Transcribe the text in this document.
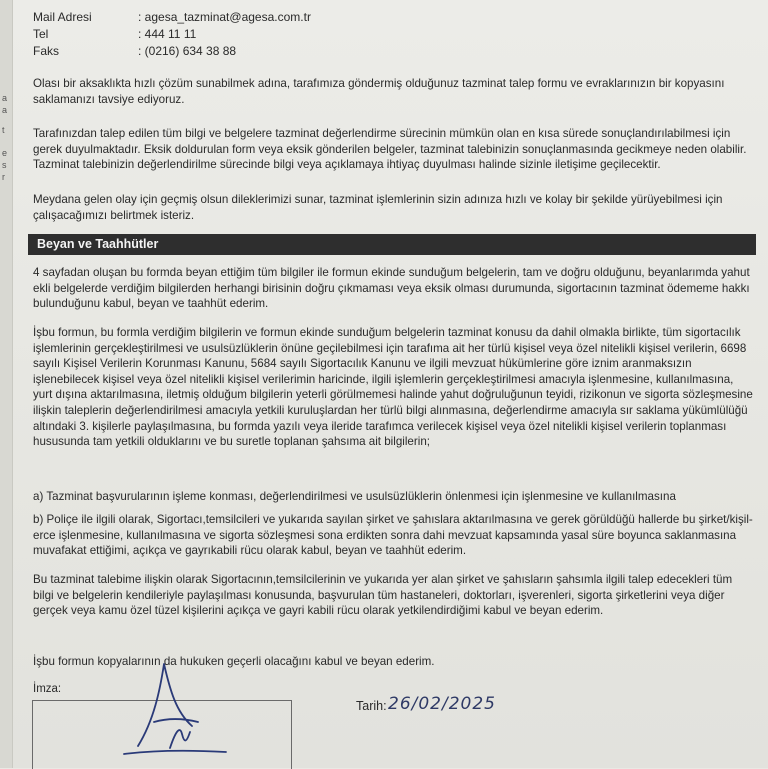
a
a
t
e
s
r
Mail Adresi	: agesa_tazminat@agesa.com.tr
Tel	: 444 11 11
Faks	: (0216) 634 38 88

Olası bir aksaklıkta hızlı çözüm sunabilmek adına, tarafımıza göndermiş olduğunuz tazminat talep formu ve evraklarınızın bir kopyasını saklamanızı tavsiye ediyoruz.

Tarafınızdan talep edilen tüm bilgi ve belgelere tazminat değerlendirme sürecinin mümkün olan en kısa sürede sonuçlandırılabilmesi için gerek duyulmaktadır. Eksik doldurulan form veya eksik gönderilen belgeler, tazminat talebinizin sonuçlanmasında gecikmeye neden olabilir. Tazminat talebinizin değerlendirilme sürecinde bilgi veya açıklamaya ihtiyaç duyulması halinde sizinle iletişime geçilecektir.

Meydana gelen olay için geçmiş olsun dileklerimizi sunar, tazminat işlemlerinin sizin adınıza hızlı ve kolay bir şekilde yürüyebilmesi için çalışacağımızı belirtmek isteriz.

Beyan ve Taahhütler

4 sayfadan oluşan bu formda beyan ettiğim tüm bilgiler ile formun ekinde sunduğum belgelerin, tam ve doğru olduğunu, beyanlarımda yahut ekli belgelerde verdiğim bilgilerden herhangi birisinin doğru çıkmaması veya eksik olması durumunda, sigortacının tazminat ödememe hakkı bulunduğunu kabul, beyan ve taahhüt ederim.

İşbu formun, bu formla verdiğim bilgilerin ve formun ekinde sunduğum belgelerin tazminat konusu da dahil olmakla birlikte, tüm sigortacılık işlemlerinin gerçekleştirilmesi ve usulsüzlüklerin önüne geçilebilmesi için tarafıma ait her türlü kişisel veya özel nitelikli kişisel verilerin, 6698 sayılı Kişisel Verilerin Korunması Kanunu, 5684 sayılı Sigortacılık Kanunu ve ilgili mevzuat hükümlerine göre iznim aranmaksızın işlenebilecek kişisel veya özel nitelikli kişisel verilerimin haricinde, ilgili işlemlerin gerçekleştirilmesi amacıyla işlenmesine, kullanılmasına, yurt dışına aktarılmasına, iletmiş olduğum bilgilerin yeterli görülmemesi halinde yahut doğruluğunun teyidi, rizikonun ve sigorta sözleşmesine ilişkin taleplerin değerlendirilmesi amacıyla yetkili kuruluşlardan her türlü bilgi alınmasına, değerlendirme amacıyla sır saklama yükümlülüğü altındaki 3. kişilerle paylaşılmasına, bu formda yazılı veya ileride tarafımca verilecek kişisel veya özel nitelikli kişisel verilerin toplanması hususunda tam yetkili olduklarını ve bu suretle toplanan şahsıma ait bilgilerin;

a) Tazminat başvurularının işleme konması, değerlendirilmesi ve usulsüzlüklerin önlenmesi için işlenmesine ve kullanılmasına

b) Poliçe ile ilgili olarak, Sigortacı,temsilcileri ve yukarıda sayılan şirket ve şahıslara aktarılmasına ve gerek görüldüğü hallerde bu şirket/kişil- erce işlenmesine, kullanılmasına ve sigorta sözleşmesi sona erdikten sonra dahi mevzuat kapsamında yasal süre boyunca saklanmasına muvafakat ettiğimi, açıkça ve gayrıkabili rücu olarak kabul, beyan ve taahhüt ederim.

Bu tazminat talebime ilişkin olarak Sigortacının,temsilcilerinin ve yukarıda yer alan şirket ve şahısların şahsımla ilgili talep edecekleri tüm bilgi ve belgelerin kendileriyle paylaşılması konusunda, başvurulan tüm hastaneleri, doktorları, işverenleri, sigorta şirketlerini veya diğer gerçek veya kamu özel tüzel kişilerini açıkça ve gayri kabili rücu olarak yetkilendirdiğimi kabul ve beyan ederim.

İşbu formun kopyalarının da hukuken geçerli olacağını kabul ve beyan ederim.

İmza:
Tarih: 26/02/2025
